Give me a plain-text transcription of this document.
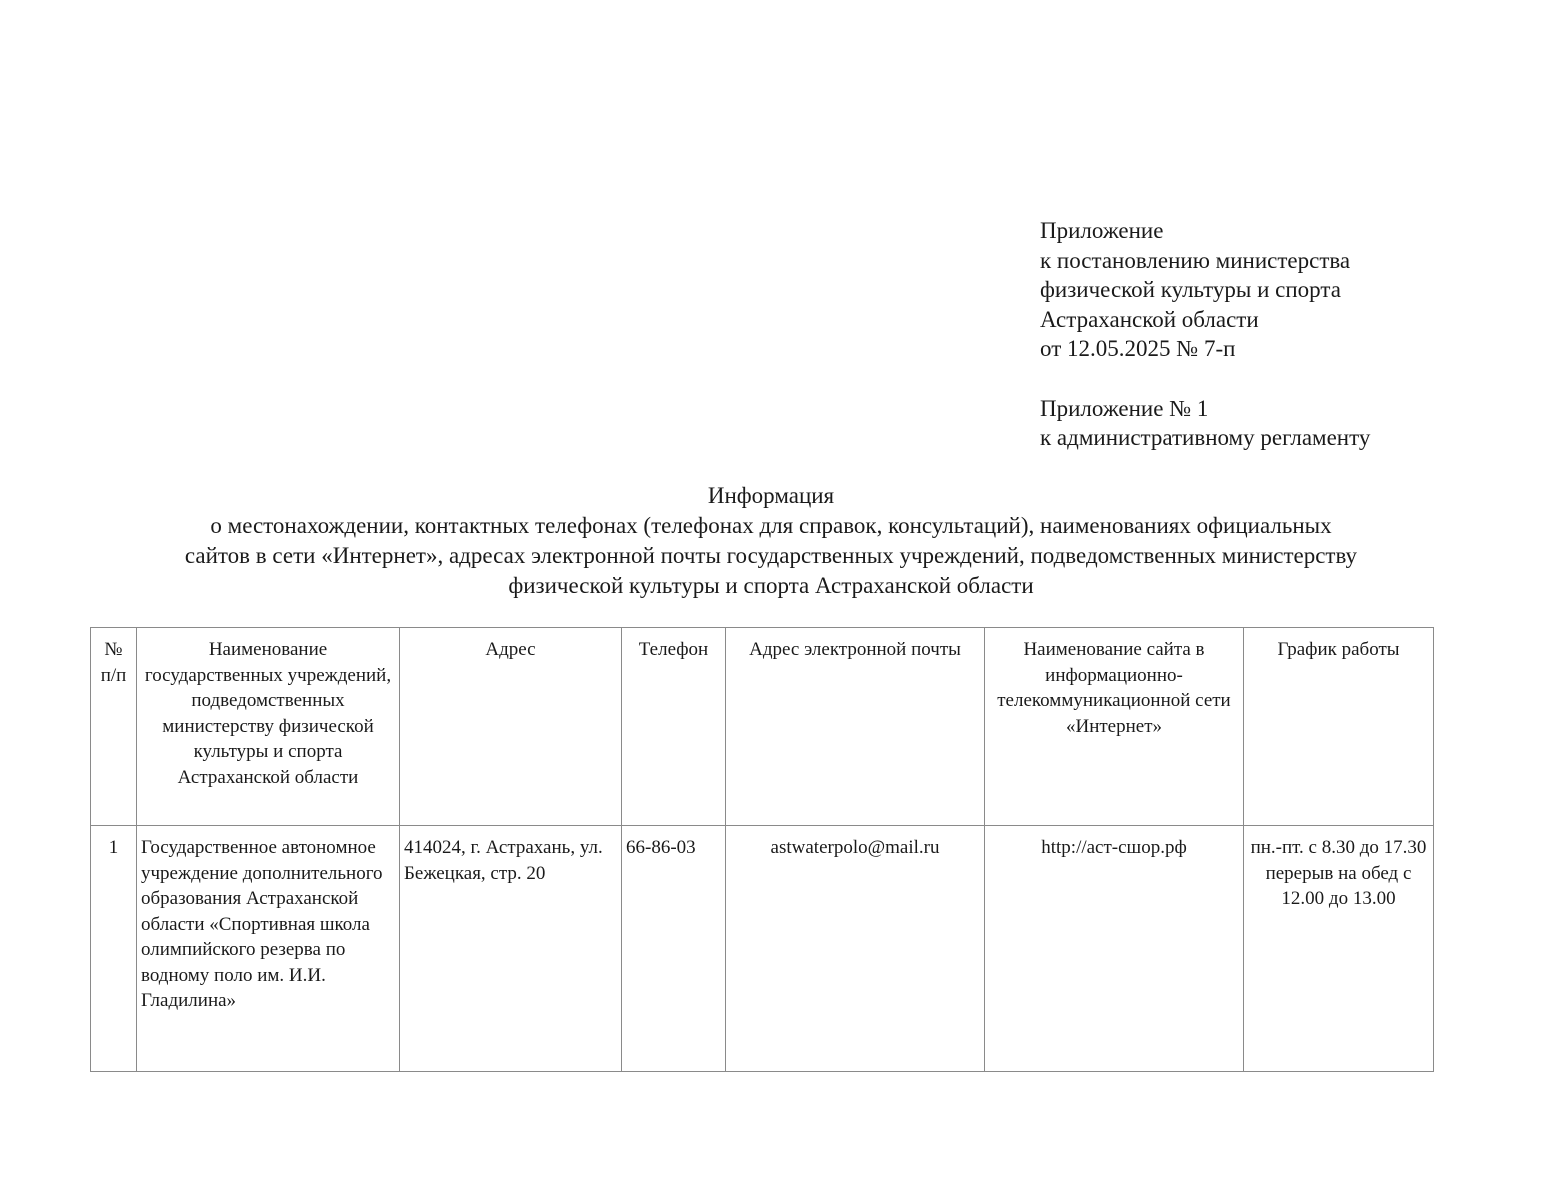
Приложение
к постановлению министерства
физической культуры и спорта
Астраханской области
от 12.05.2025 № 7-п
Приложение № 1
к административному регламенту
Информация
о местонахождении, контактных телефонах (телефонах для справок, консультаций), наименованиях официальных
сайтов в сети «Интернет», адресах электронной почты государственных учреждений, подведомственных министерству
физической культуры и спорта Астраханской области
№ п/п	Наименование государственных учреждений, подведомственных министерству физической культуры и спорта Астраханской области	Адрес	Телефон	Адрес электронной почты	Наименование сайта в информационно-телекоммуникационной сети «Интернет»	График работы
1	Государственное автономное учреждение дополнительного образования Астраханской области «Спортивная школа олимпийского резерва по водному поло им. И.И. Гладилина»	414024, г. Астрахань, ул. Бежецкая, стр. 20	66-86-03	astwaterpolo@mail.ru	http://аст-сшор.рф	пн.-пт. с 8.30 до 17.30 перерыв на обед с 12.00 до 13.00
